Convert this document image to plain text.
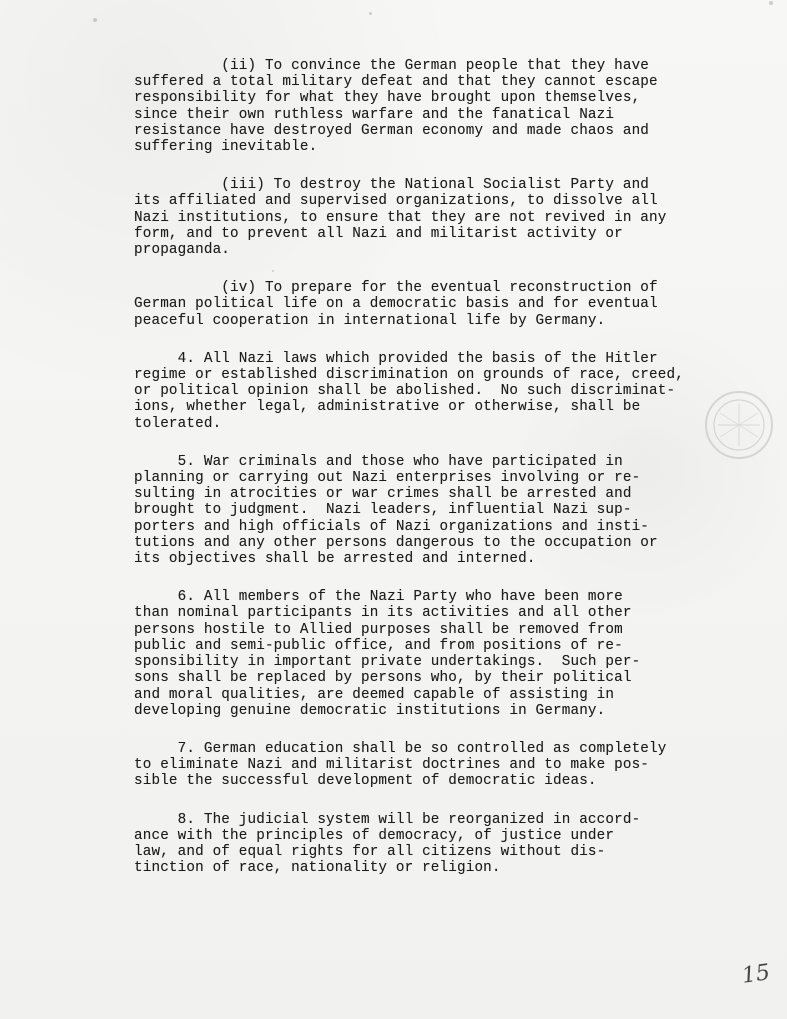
(ii) To convince the German people that they have
suffered a total military defeat and that they cannot escape
responsibility for what they have brought upon themselves,
since their own ruthless warfare and the fanatical Nazi
resistance have destroyed German economy and made chaos and
suffering inevitable.
(iii) To destroy the National Socialist Party and
its affiliated and supervised organizations, to dissolve all
Nazi institutions, to ensure that they are not revived in any
form, and to prevent all Nazi and militarist activity or
propaganda.
(iv) To prepare for the eventual reconstruction of
German political life on a democratic basis and for eventual
peaceful cooperation in international life by Germany.
4. All Nazi laws which provided the basis of the Hitler
regime or established discrimination on grounds of race, creed,
or political opinion shall be abolished.  No such discriminat-
ions, whether legal, administrative or otherwise, shall be
tolerated.
5. War criminals and those who have participated in
planning or carrying out Nazi enterprises involving or re-
sulting in atrocities or war crimes shall be arrested and
brought to judgment.  Nazi leaders, influential Nazi sup-
porters and high officials of Nazi organizations and insti-
tutions and any other persons dangerous to the occupation or
its objectives shall be arrested and interned.
6. All members of the Nazi Party who have been more
than nominal participants in its activities and all other
persons hostile to Allied purposes shall be removed from
public and semi-public office, and from positions of re-
sponsibility in important private undertakings.  Such per-
sons shall be replaced by persons who, by their political
and moral qualities, are deemed capable of assisting in
developing genuine democratic institutions in Germany.
7. German education shall be so controlled as completely
to eliminate Nazi and militarist doctrines and to make pos-
sible the successful development of democratic ideas.
8. The judicial system will be reorganized in accord-
ance with the principles of democracy, of justice under
law, and of equal rights for all citizens without dis-
tinction of race, nationality or religion.
15
